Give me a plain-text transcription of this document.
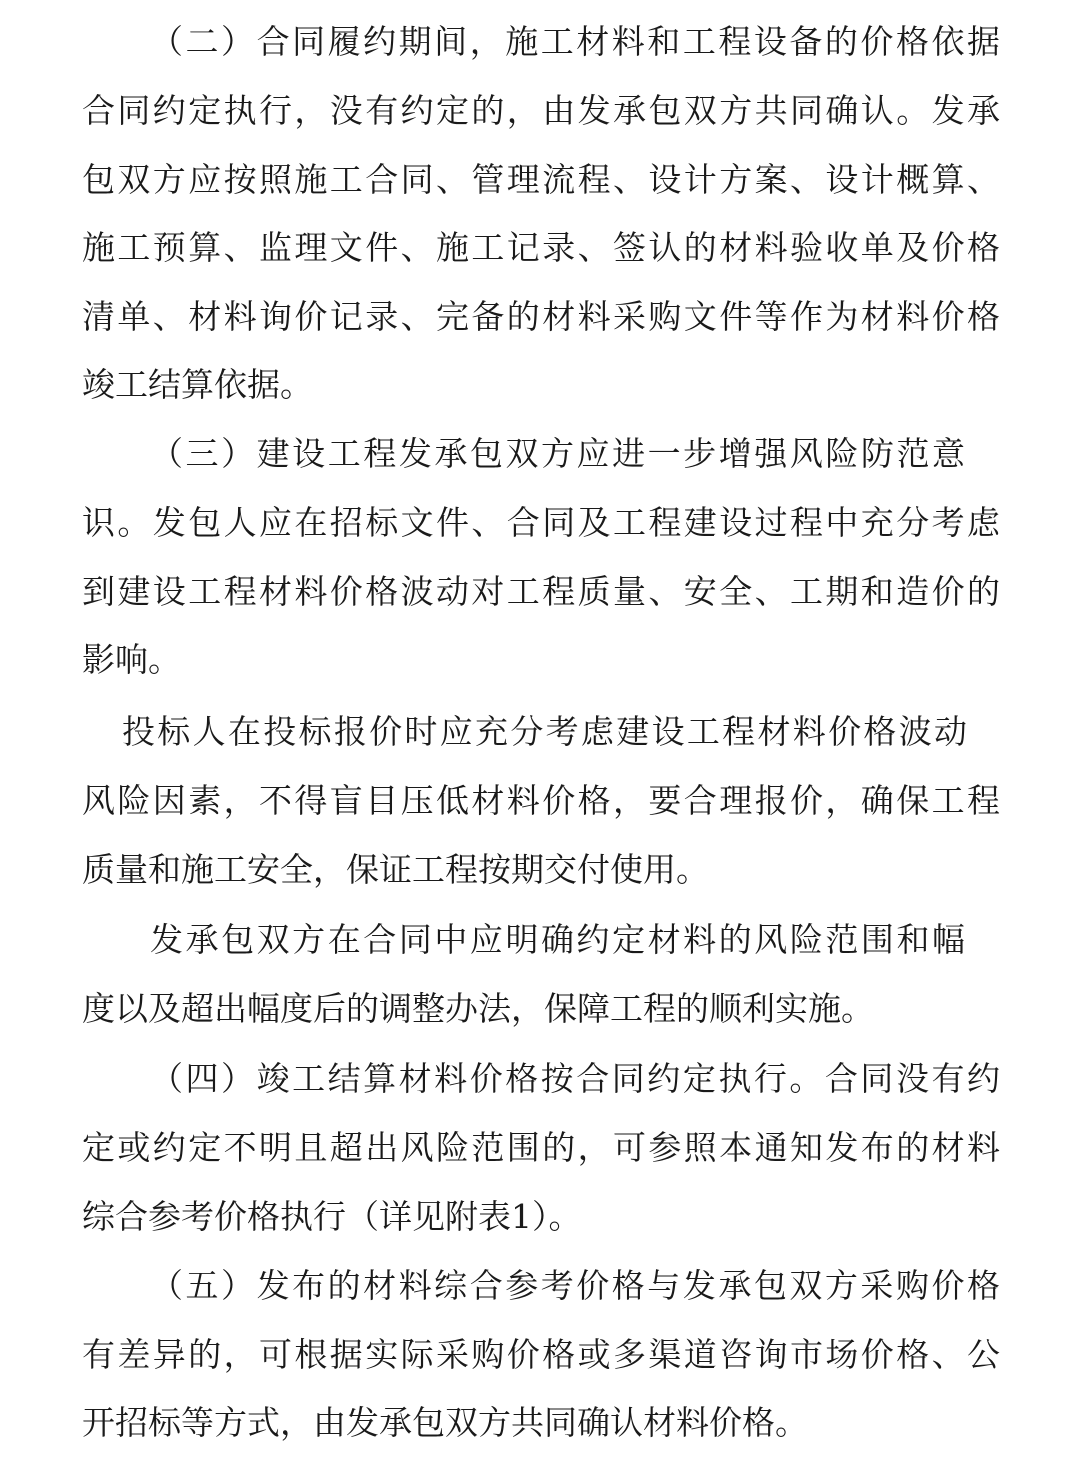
（二）合同履约期间，施工材料和工程设备的价格依据
合同约定执行，没有约定的，由发承包双方共同确认。发承
包双方应按照施工合同、管理流程、设计方案、设计概算、
施工预算、监理文件、施工记录、签认的材料验收单及价格
清单、材料询价记录、完备的材料采购文件等作为材料价格
竣工结算依据。
（三）建设工程发承包双方应进一步增强风险防范意
识。发包人应在招标文件、合同及工程建设过程中充分考虑
到建设工程材料价格波动对工程质量、安全、工期和造价的
影响。
投标人在投标报价时应充分考虑建设工程材料价格波动
风险因素，不得盲目压低材料价格，要合理报价，确保工程
质量和施工安全，保证工程按期交付使用。
发承包双方在合同中应明确约定材料的风险范围和幅
度以及超出幅度后的调整办法，保障工程的顺利实施。
（四）竣工结算材料价格按合同约定执行。合同没有约
定或约定不明且超出风险范围的，可参照本通知发布的材料
综合参考价格执行（详见附表1）。
（五）发布的材料综合参考价格与发承包双方采购价格
有差异的，可根据实际采购价格或多渠道咨询市场价格、公
开招标等方式，由发承包双方共同确认材料价格。
